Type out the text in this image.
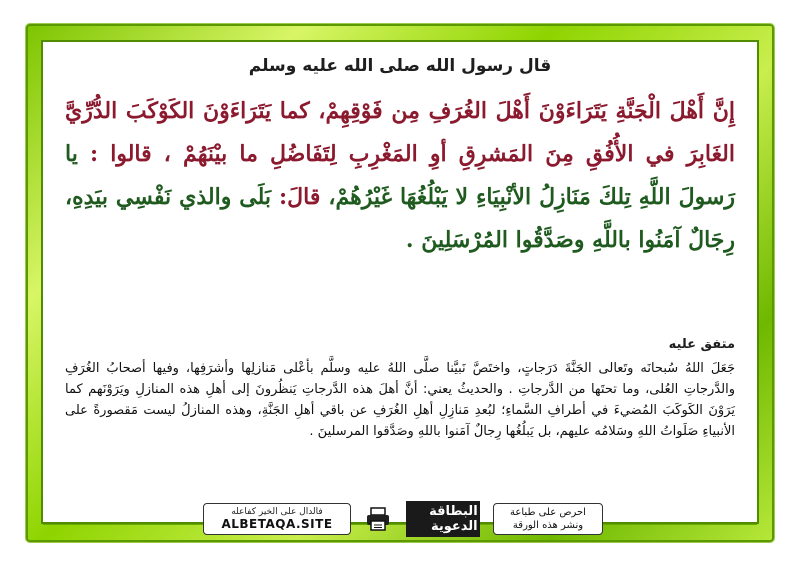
قال رسول الله صلى الله عليه وسلم
إِنَّ أَهْلَ الْجَنَّةِ يَتَرَاءَوْنَ أَهْلَ الغُرَفِ مِن فَوْقِهِمْ، كما يَتَرَاءَوْنَ الكَوْكَبَ الدُّرِّيَّ الغَابِرَ في الأُفُقِ مِنَ المَشرِقِ أوِ المَغْرِبِ لِتَفَاضُلِ ما بيْنَهُمْ ، قالوا : يا رَسولَ اللَّهِ تِلكَ مَنَازِلُ الأنْبِيَاءِ لا يَبْلُغُهَا غَيْرُهُمْ، قالَ: بَلَى والذي نَفْسِي بيَدِهِ، رِجَالٌ آمَنُوا باللَّهِ وصَدَّقُوا المُرْسَلِينَ .
متفق عليه
جَعَلَ اللهُ سُبحانَه وتَعالى الجَنَّةَ دَرَجاتٍ، واختَصَّ نَبيَّنا صلَّى اللهُ عليه وسلَّم بأعْلى مَنازلِها وأشرَفِها، وفيها أصحابُ الغُرَفِ والدَّرجاتِ العُلى، وما تحتَها من الدَّرجاتِ . والحديثُ يعني: أنَّ أهلَ هذه الدَّرجاتِ يَنظُرونَ إلى أهلِ هذه المنازلِ ويَرَوْنَهم كما يَرَوْنَ الكَوكَبَ المُضيءَ في أطرافِ السَّماءِ؛ لبُعدِ مَنازِلِ أهلِ الغُرَفِ عن باقي أهلِ الجَنَّةِ، وهذه المنازلُ ليست مَقصورةً على الأنبياءِ صَلَواتُ اللهِ وسَلامُه عليهم، بل يَبلُغُها رِجالٌ آمَنوا باللهِ وصَدَّقوا المرسلينَ .
فالدال على الخير كفاعله
ALBETAQA.SITE
البطاقة الدعوية
احرص على طباعة
ونشر هذه الورقة
